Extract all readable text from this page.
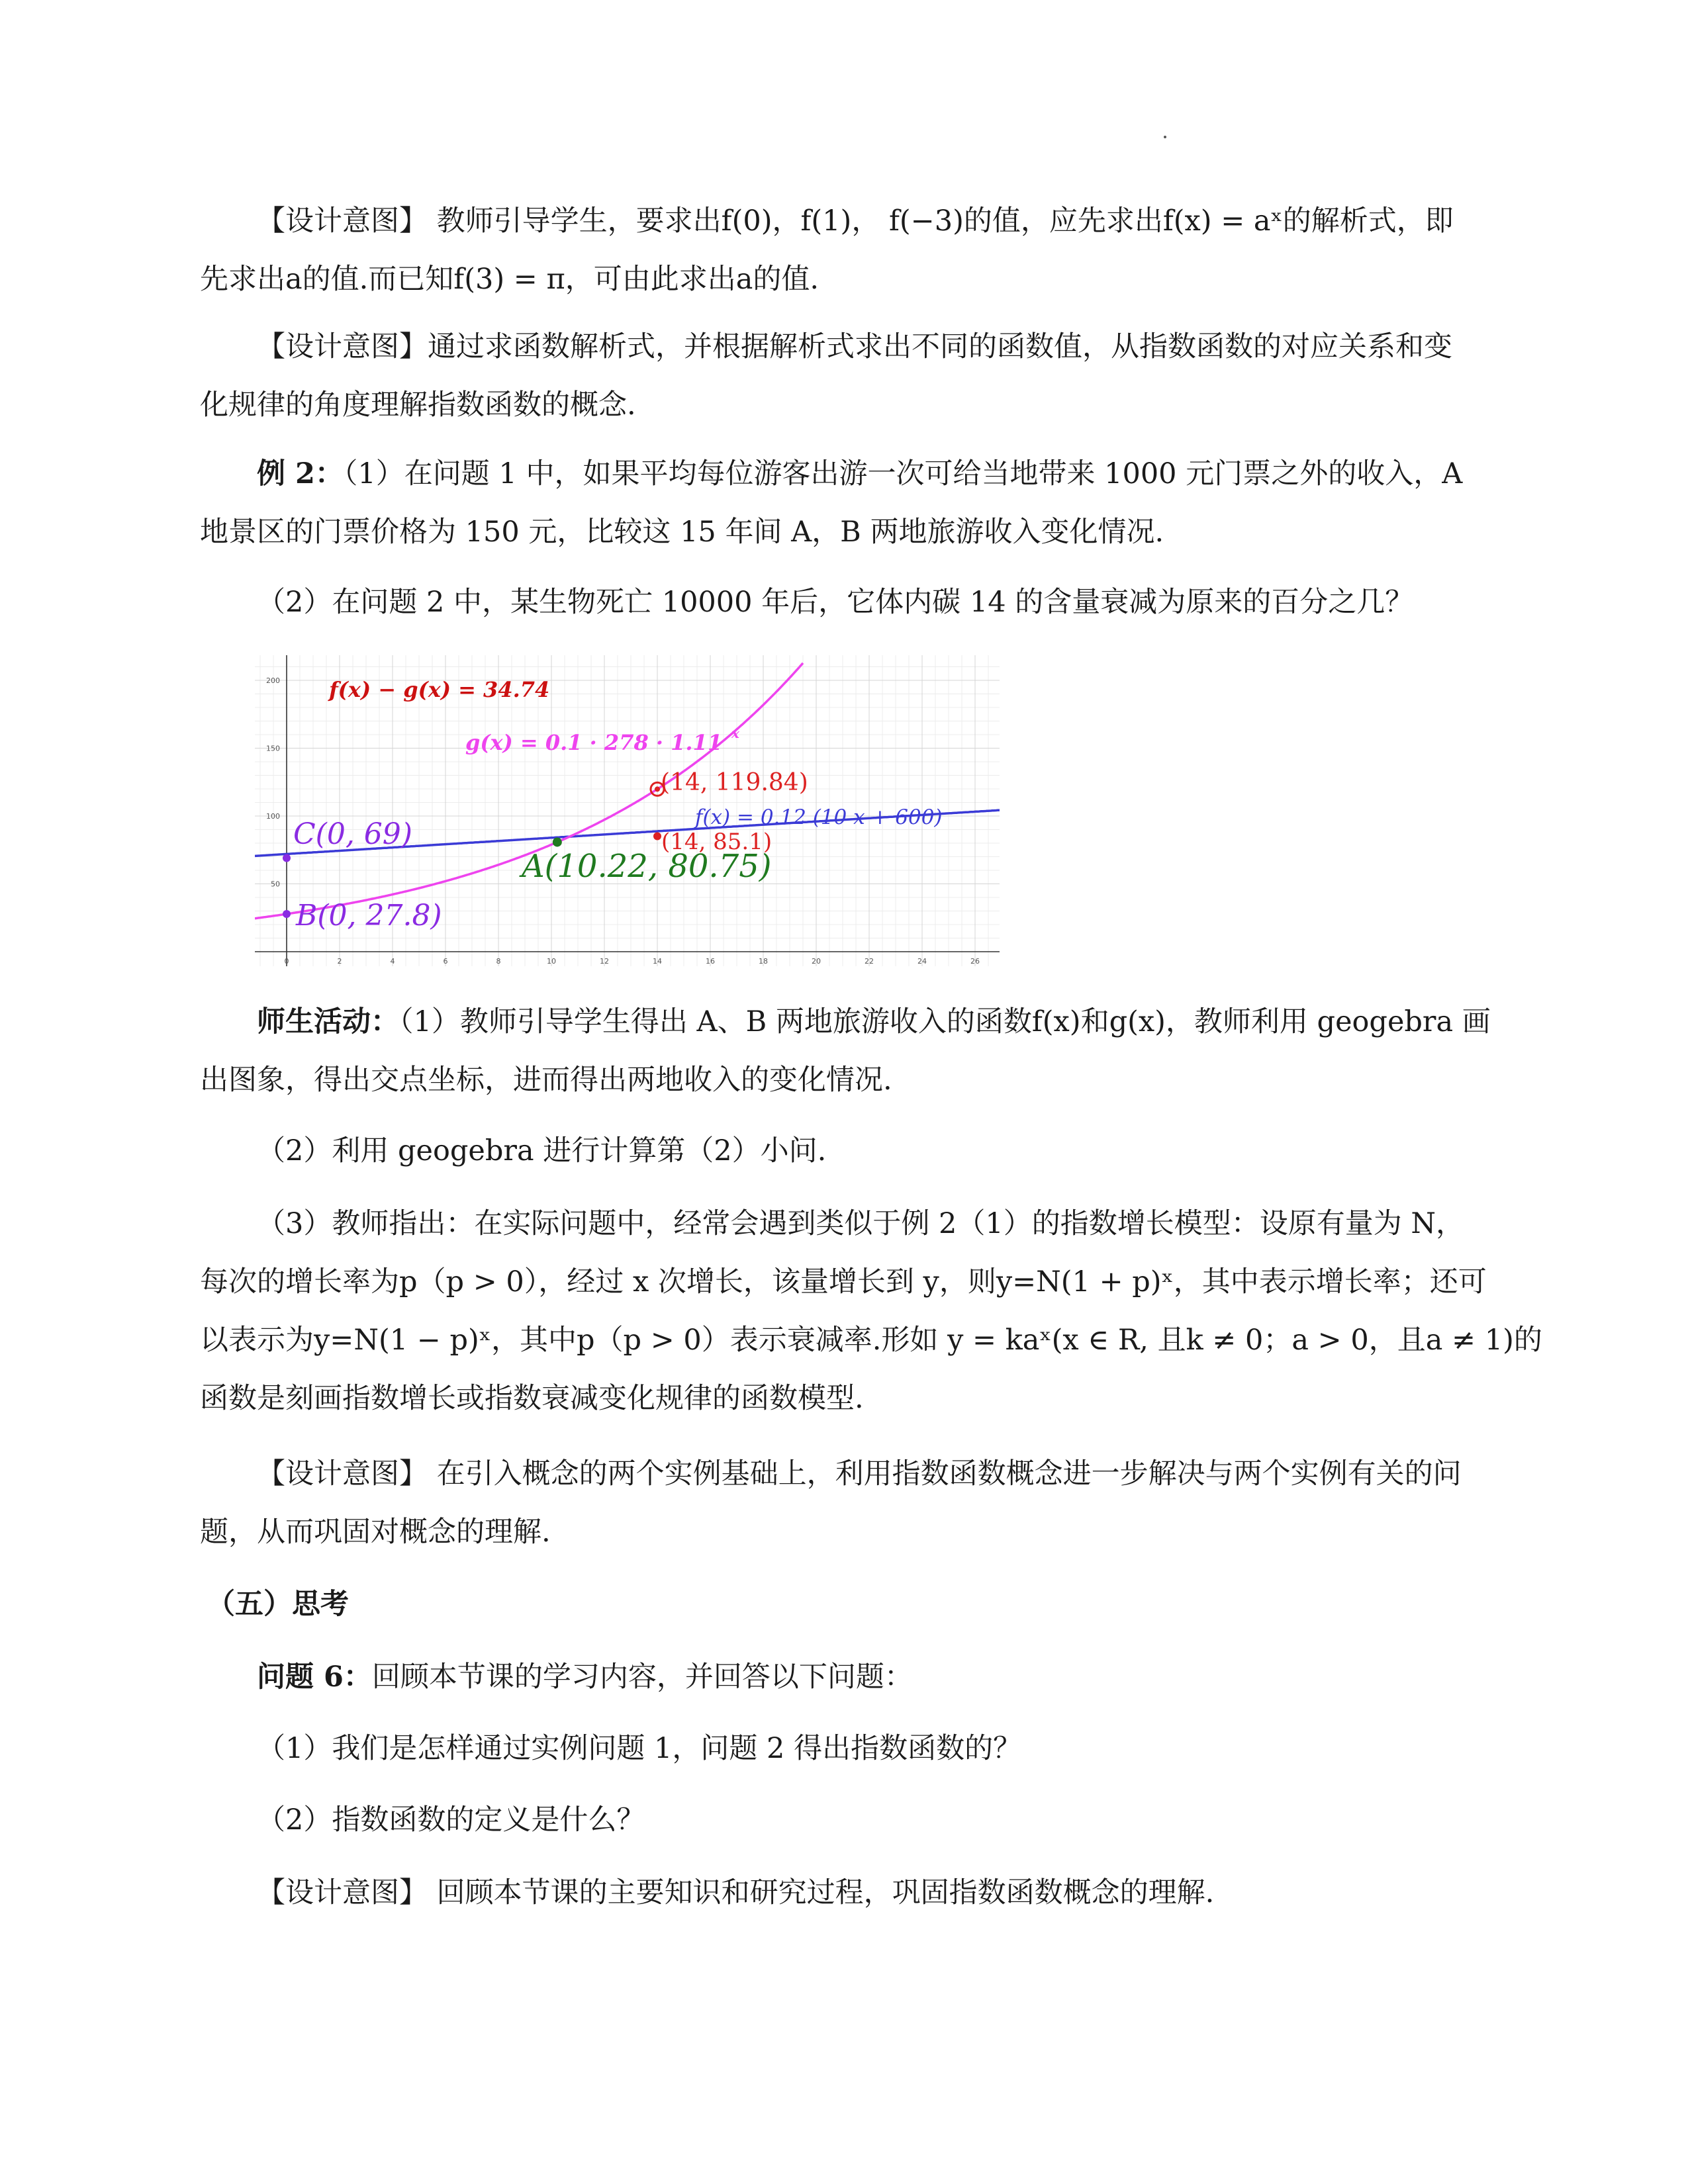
【设计意图】 教师引导学生，要求出f(0)，f(1)， f(−3)的值，应先求出f(x) = aˣ的解析式，即
先求出a的值.而已知f(3) = π，可由此求出a的值.
【设计意图】通过求函数解析式，并根据解析式求出不同的函数值，从指数函数的对应关系和变
化规律的角度理解指数函数的概念.
例 2：（1）在问题 1 中，如果平均每位游客出游一次可给当地带来 1000 元门票之外的收入，A
地景区的门票价格为 150 元，比较这 15 年间 A，B 两地旅游收入变化情况.
（2）在问题 2 中，某生物死亡 10000 年后，它体内碳 14 的含量衰减为原来的百分之几？
0	2	4	6	8	10	12	14	16	18	20	22	24	26
50
100
150
200 f(x) − g(x) = 34.74
g(x) = 0.1 · 278 · 1.11 x
f(x) = 0.12 (10 x + 600)
C(0, 69)
B(0, 27.8)
A(10.22, 80.75)
(14, 119.84)
(14, 85.1)
师生活动：（1）教师引导学生得出 A、B 两地旅游收入的函数f(x)和g(x)，教师利用 geogebra 画
出图象，得出交点坐标，进而得出两地收入的变化情况.
（2）利用 geogebra 进行计算第（2）小问.
（3）教师指出：在实际问题中，经常会遇到类似于例 2（1）的指数增长模型：设原有量为 N，
每次的增长率为p（p > 0），经过 x 次增长，该量增长到 y，则y=N(1 + p)ˣ，其中表示增长率；还可
以表示为y=N(1 − p)ˣ，其中p（p > 0）表示衰减率.形如 y = kaˣ(x ∈ R, 且k ≠ 0；a > 0，且a ≠ 1)的
函数是刻画指数增长或指数衰减变化规律的函数模型.
【设计意图】 在引入概念的两个实例基础上，利用指数函数概念进一步解决与两个实例有关的问
题，从而巩固对概念的理解.
（五）思考
问题 6：回顾本节课的学习内容，并回答以下问题：
（1）我们是怎样通过实例问题 1，问题 2 得出指数函数的？
（2）指数函数的定义是什么？
【设计意图】 回顾本节课的主要知识和研究过程，巩固指数函数概念的理解.
